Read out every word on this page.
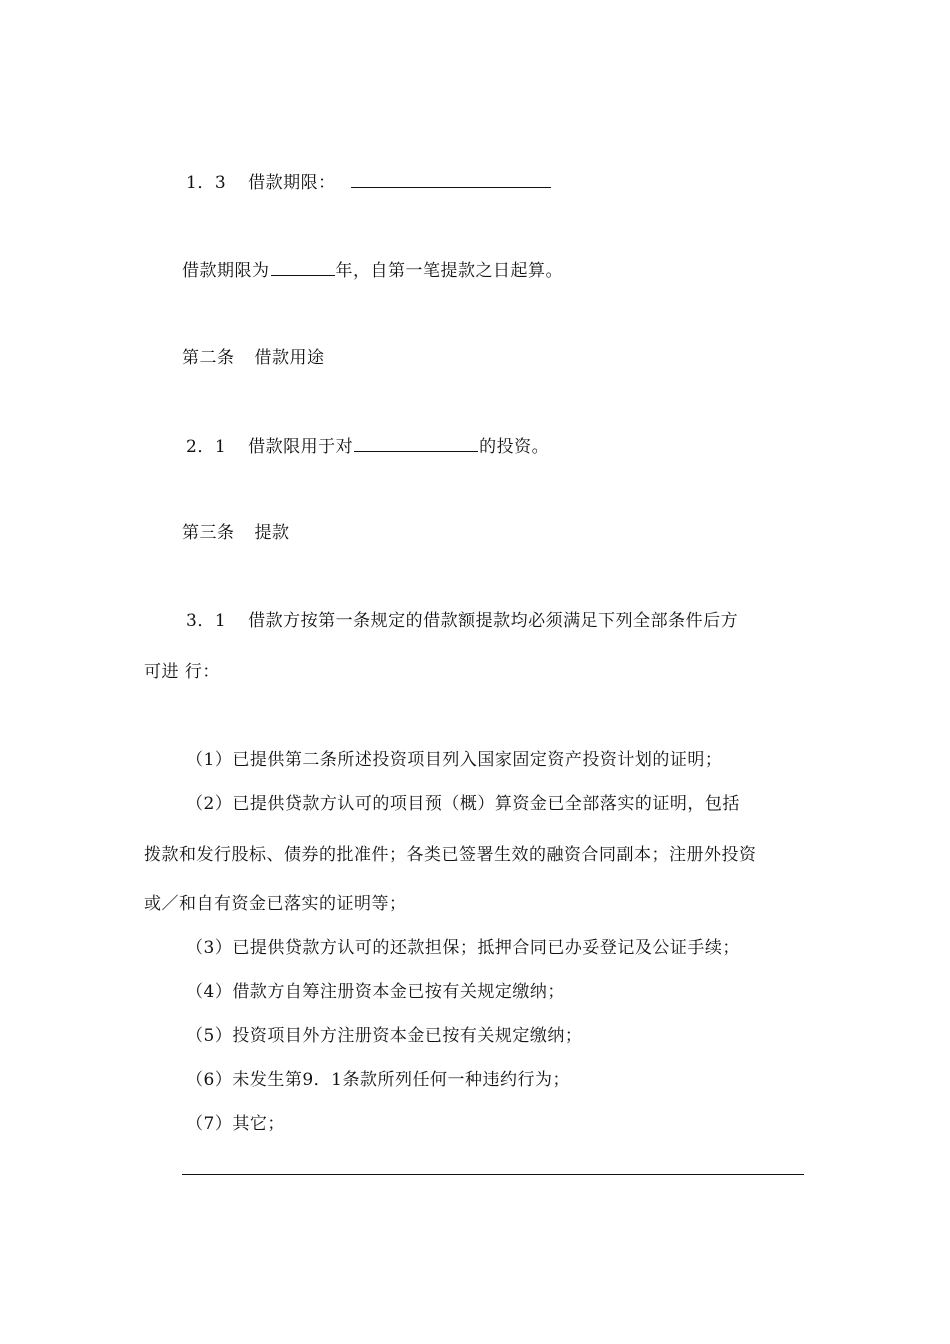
1．3 借款期限：
借款期限为	年，自第一笔提款之日起算。
第二条 借款用途
2．1 借款限用于对	的投资。
第三条 提款
3．1 借款方按第一条规定的借款额提款均必须满足下列全部条件后方
可进 行：
（1）已提供第二条所述投资项目列入国家固定资产投资计划的证明；
（2）已提供贷款方认可的项目预（概）算资金已全部落实的证明，包括
拨款和发行股标、债券的批准件；各类已签署生效的融资合同副本；注册外投资
或／和自有资金已落实的证明等；
（3）已提供贷款方认可的还款担保；抵押合同已办妥登记及公证手续；
（4）借款方自筹注册资本金已按有关规定缴纳；
（5）投资项目外方注册资本金已按有关规定缴纳；
（6）未发生第9．1条款所列任何一种违约行为；
（7）其它；
